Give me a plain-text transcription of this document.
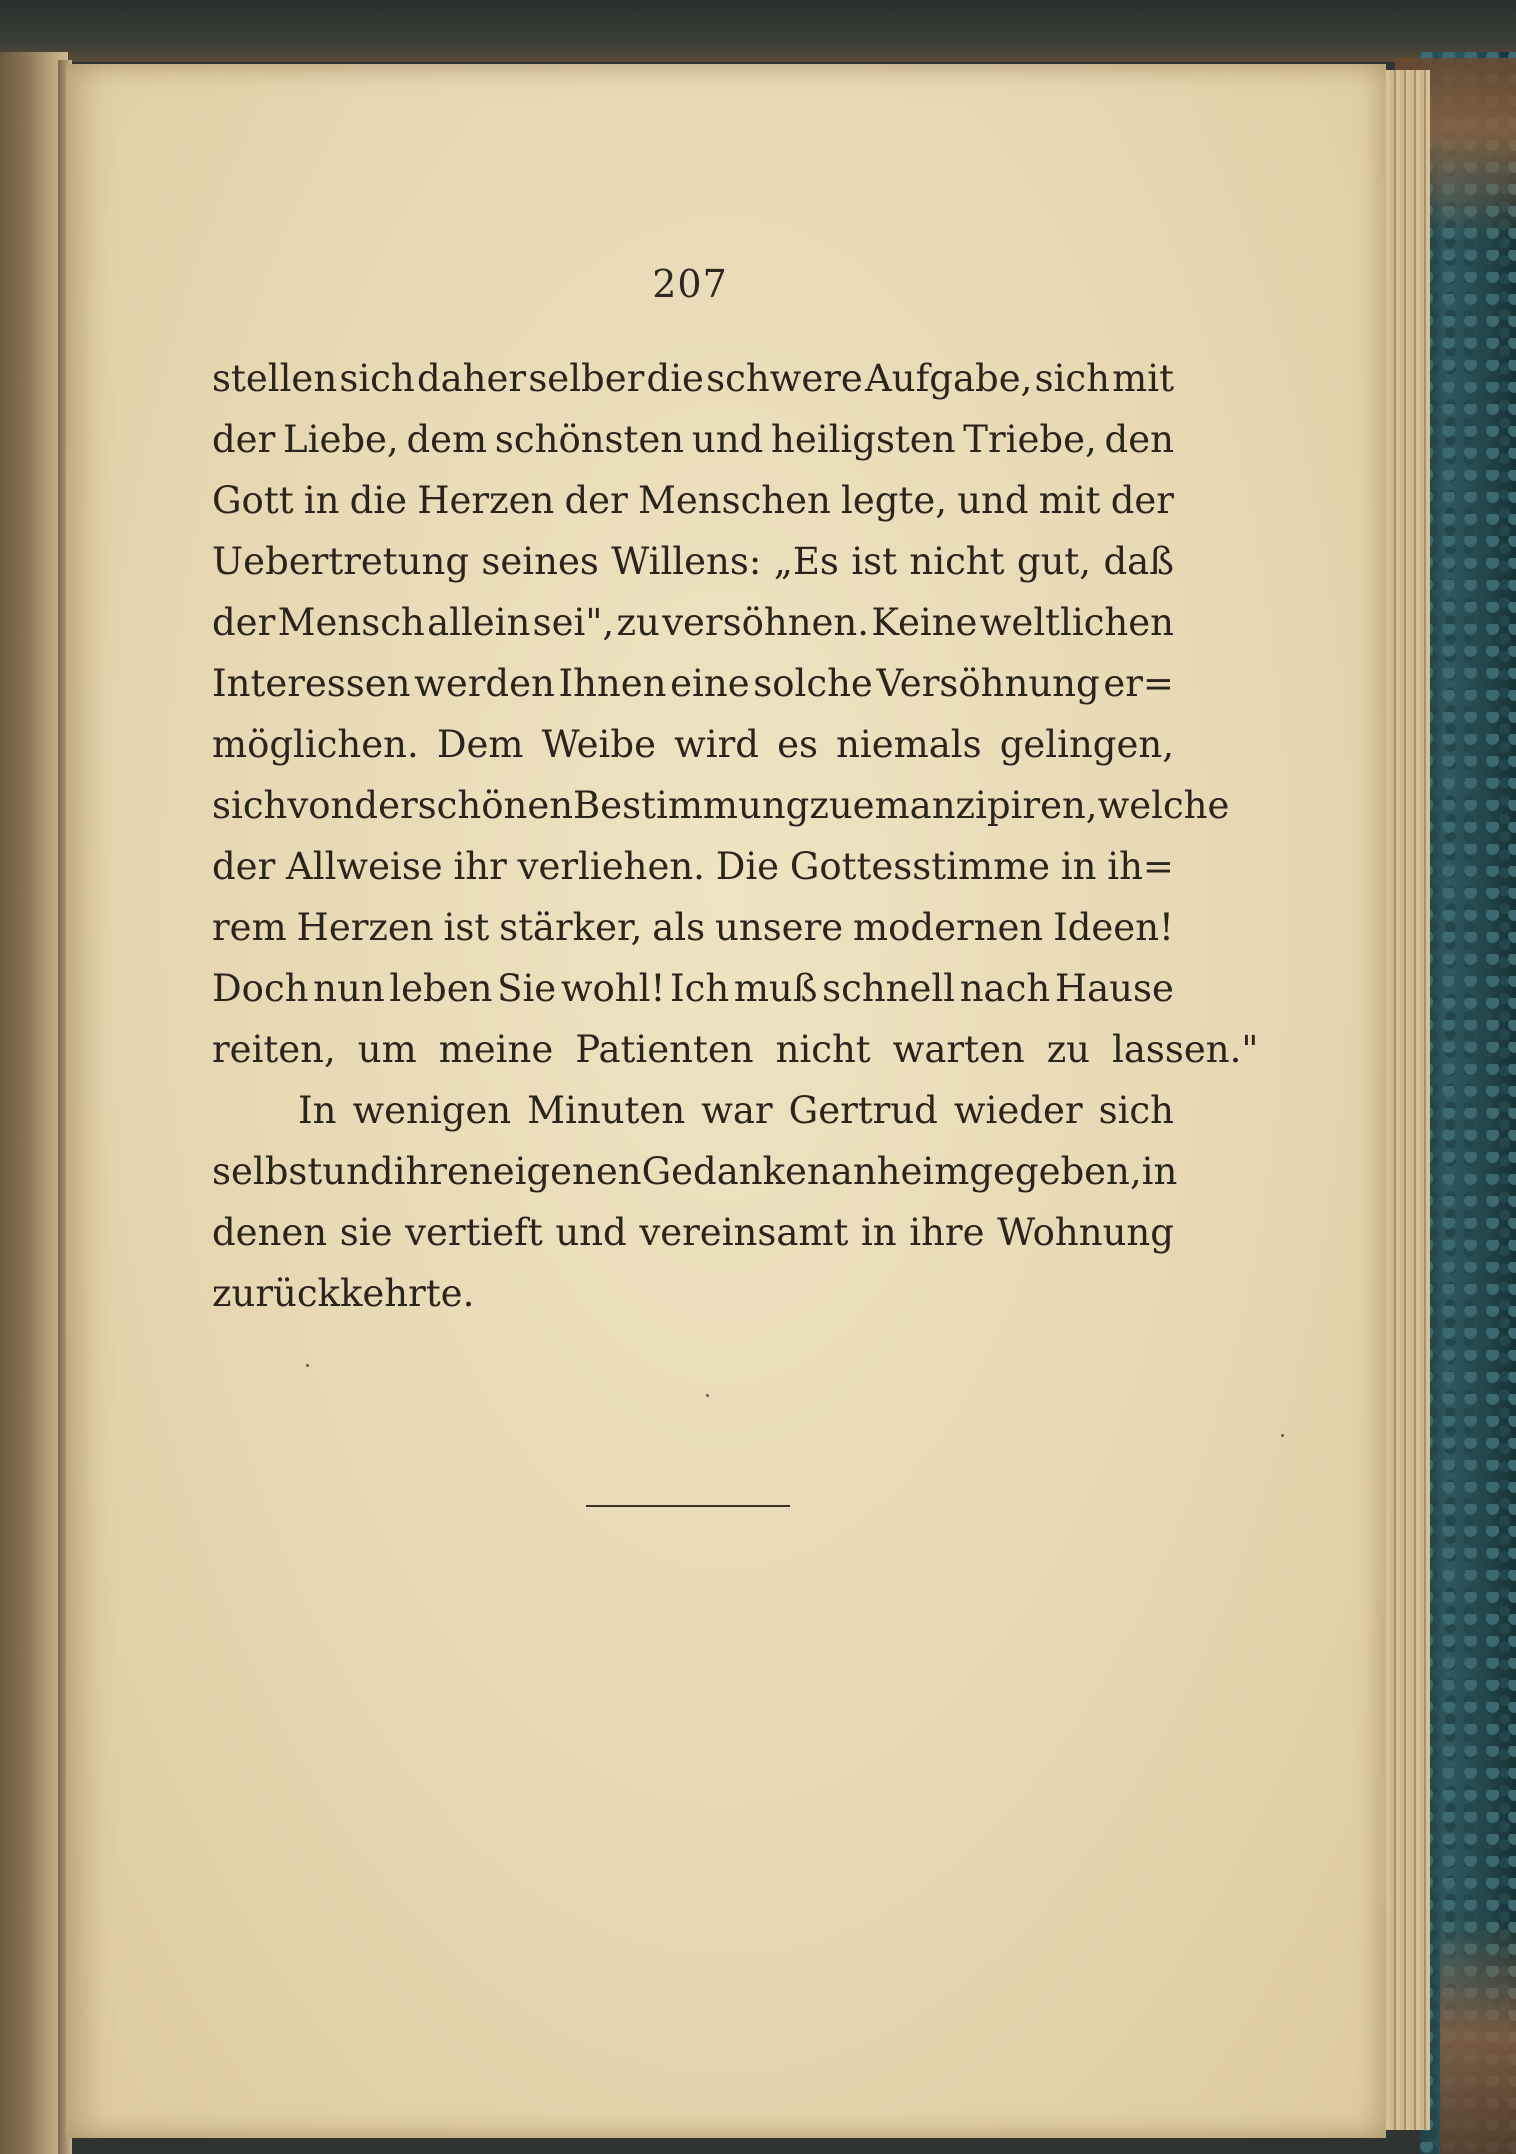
207
stellen sich daher selber die schwere Aufgabe, sich mit
der Liebe, dem schönsten und heiligsten Triebe, den
Gott in die Herzen der Menschen legte, und mit der
Uebertretung seines Willens: „Es ist nicht gut, daß
der Mensch allein sei", zu versöhnen. Keine weltlichen
Interessen werden Ihnen eine solche Versöhnung er=
möglichen. Dem Weibe wird es niemals gelingen,
sich von der schönen Bestimmung zu emanzipiren, welche
der Allweise ihr verliehen. Die Gottesstimme in ih=
rem Herzen ist stärker, als unsere modernen Ideen!
Doch nun leben Sie wohl! Ich muß schnell nach Hause
reiten, um meine Patienten nicht warten zu lassen."
In wenigen Minuten war Gertrud wieder sich
selbst und ihren eigenen Gedanken anheimgegeben, in
denen sie vertieft und vereinsamt in ihre Wohnung
zurückkehrte.
